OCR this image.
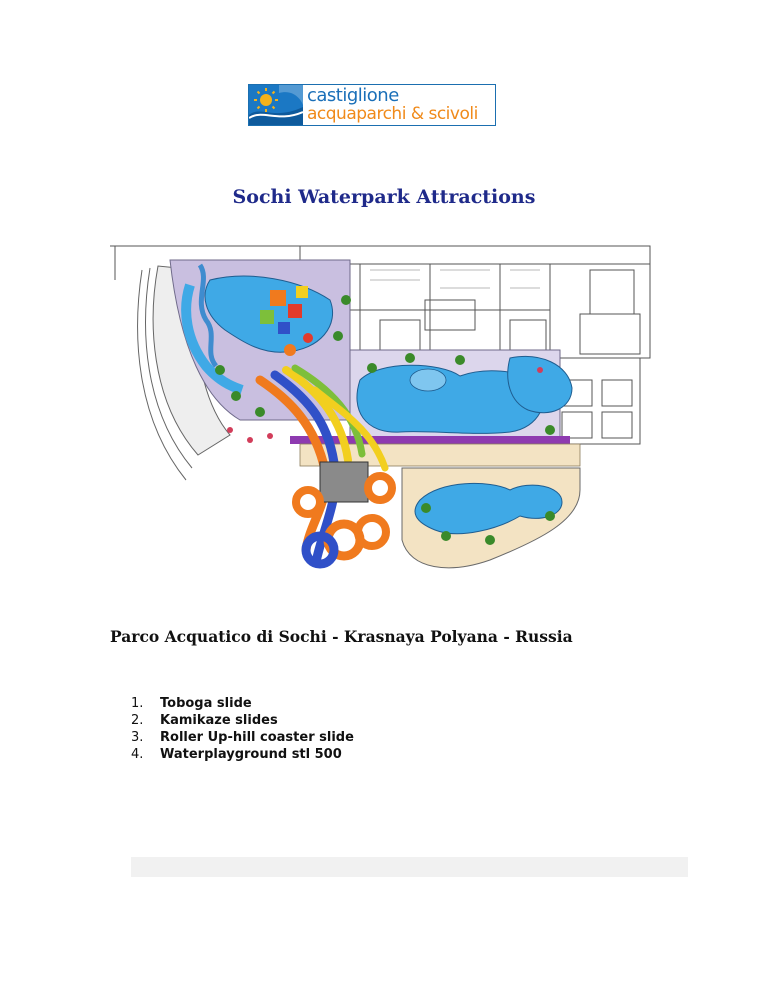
castiglione
acquaparchi & scivoli
Sochi Waterpark Attractions
Parco Acquatico di Sochi - Krasnaya Polyana - Russia
1. Toboga slide
2. Kamikaze slides
3. Roller Up-hill coaster slide
4. Waterplayground stl 500
